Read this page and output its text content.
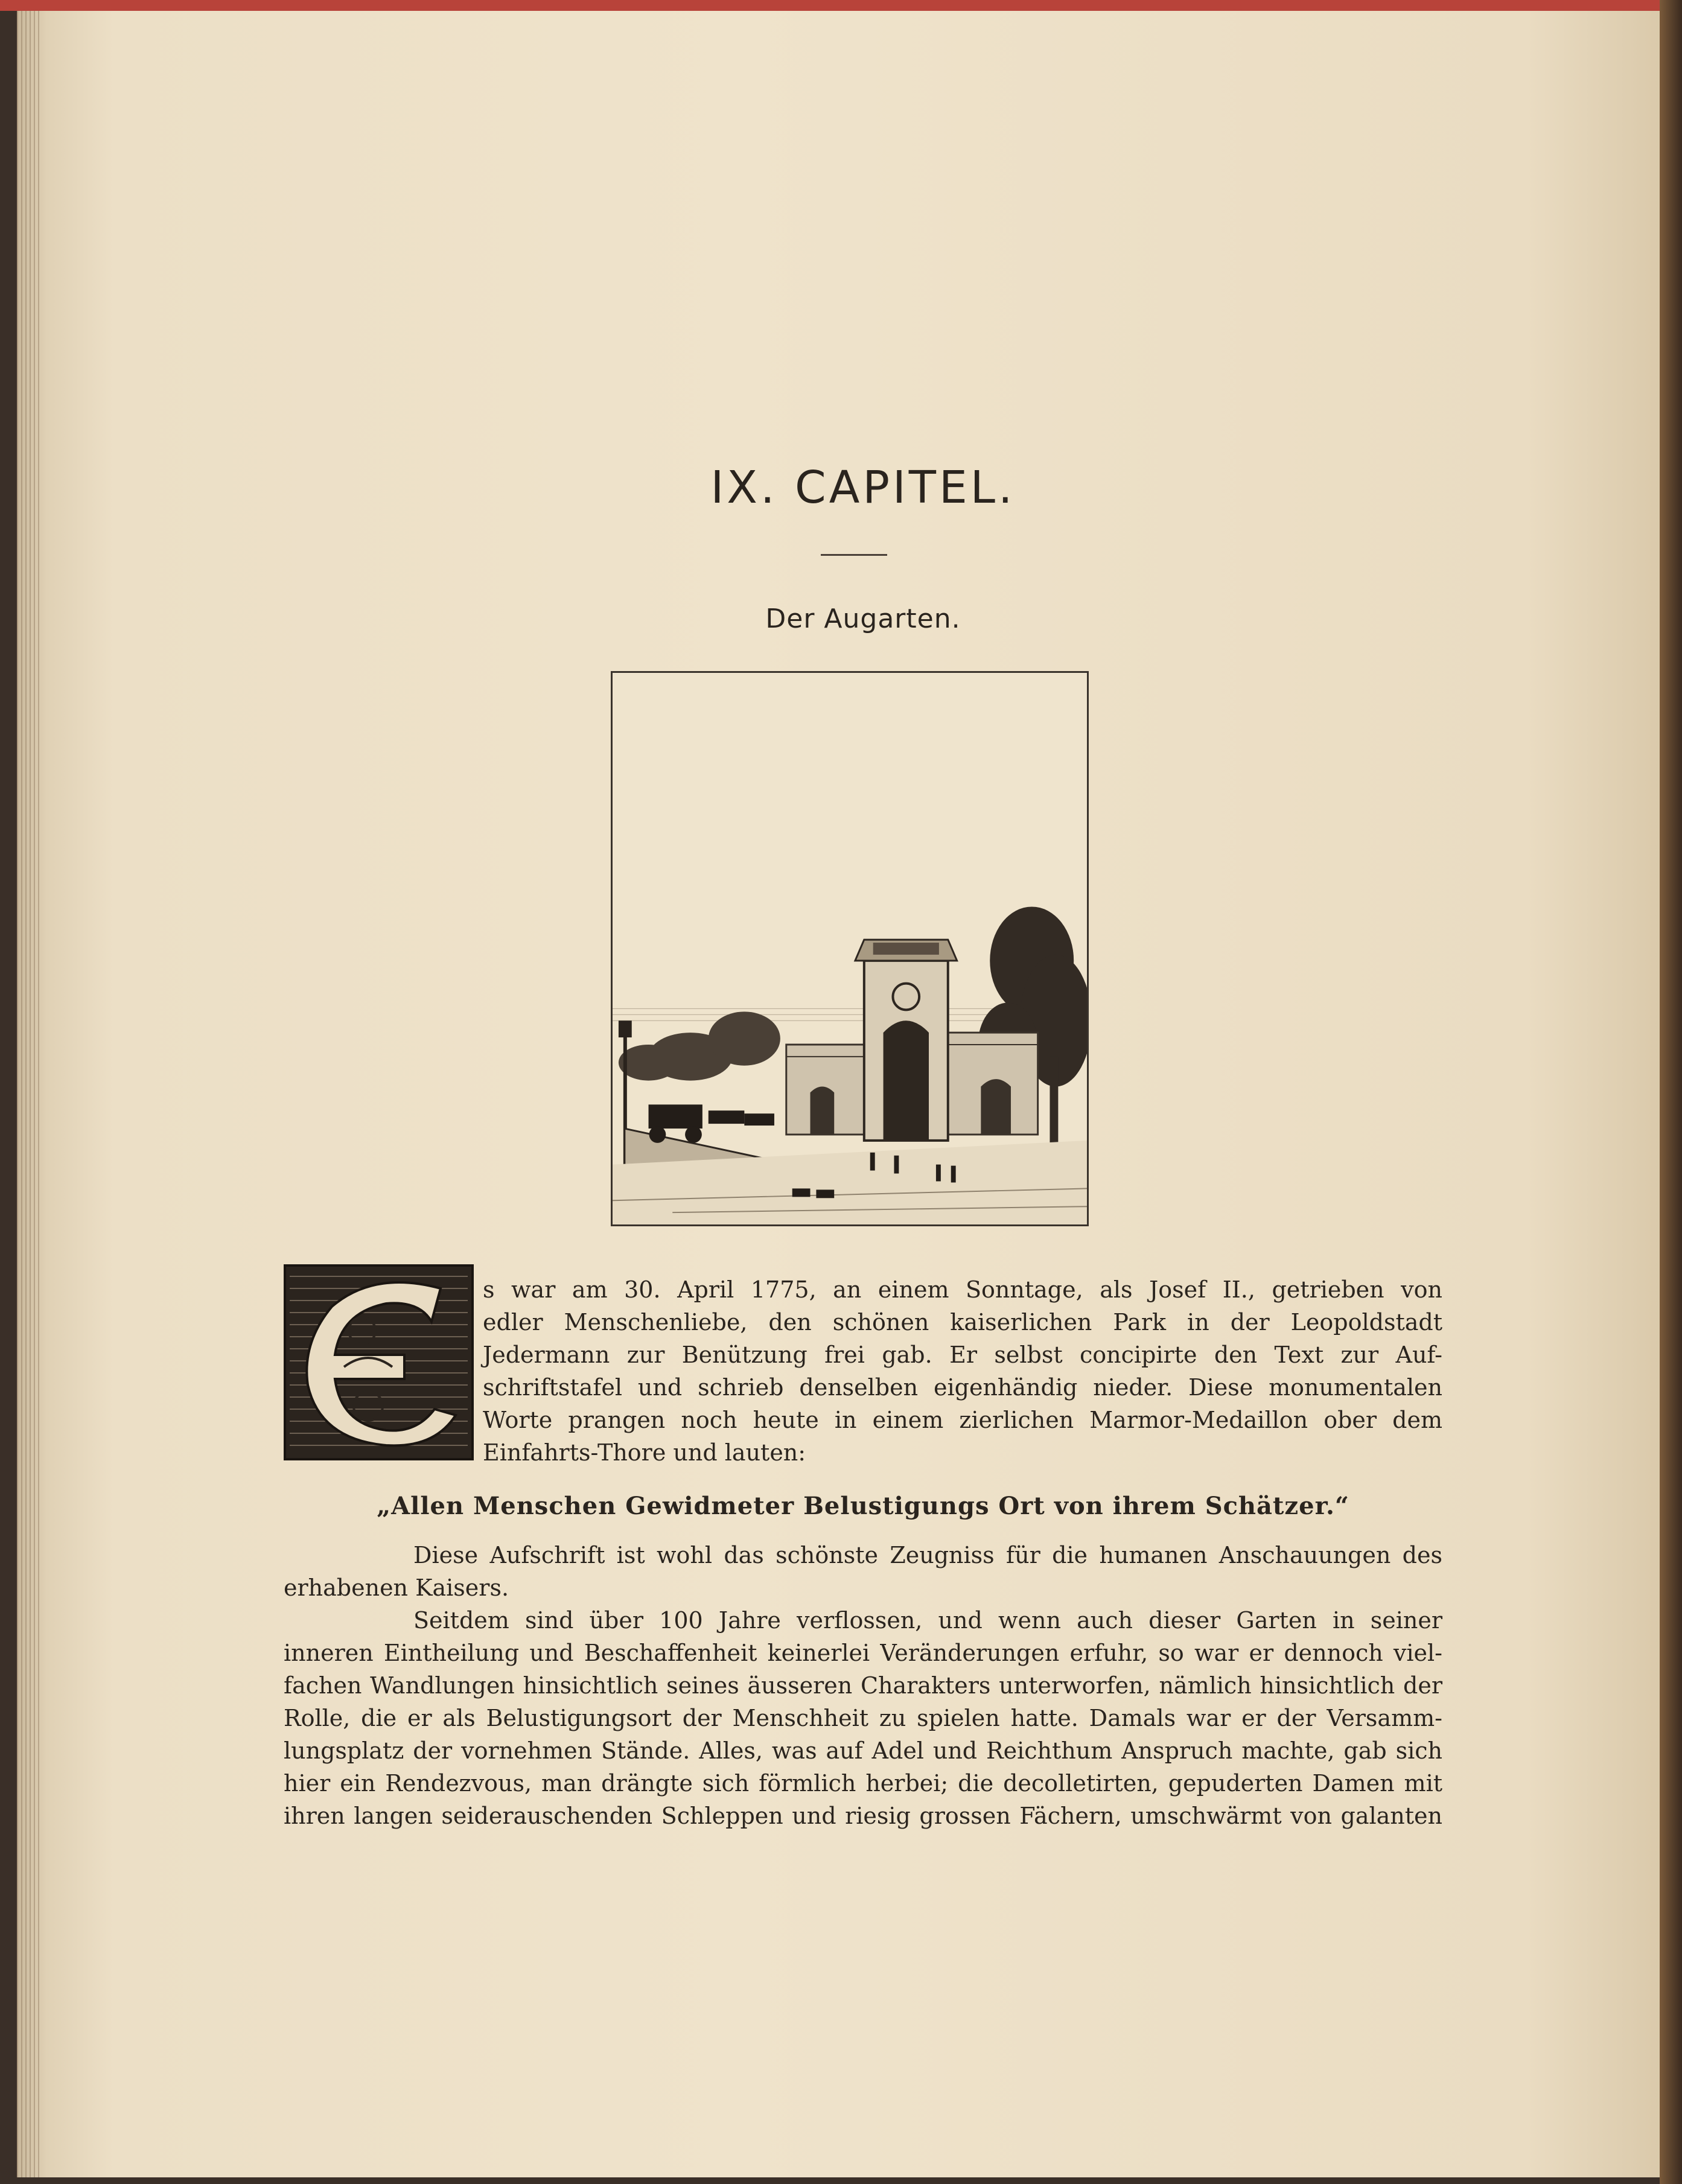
IX. CAPITEL.
Der Augarten.
s war am 30. April 1775, an einem Sonntage, als Josef II., getrieben von
edler Menschenliebe, den schönen kaiserlichen Park in der Leopoldstadt
Jedermann zur Benützung frei gab. Er selbst concipirte den Text zur Auf-
schriftstafel und schrieb denselben eigenhändig nieder. Diese monumentalen
Worte prangen noch heute in einem zierlichen Marmor-Medaillon ober dem
Einfahrts-Thore und lauten:
„Allen Menschen Gewidmeter Belustigungs Ort von ihrem Schätzer.“
Diese Aufschrift ist wohl das schönste Zeugniss für die humanen Anschauungen des
erhabenen Kaisers.
Seitdem sind über 100 Jahre verflossen, und wenn auch dieser Garten in seiner
inneren Eintheilung und Beschaffenheit keinerlei Veränderungen erfuhr, so war er dennoch viel-
fachen Wandlungen hinsichtlich seines äusseren Charakters unterworfen, nämlich hinsichtlich der
Rolle, die er als Belustigungsort der Menschheit zu spielen hatte. Damals war er der Versamm-
lungsplatz der vornehmen Stände. Alles, was auf Adel und Reichthum Anspruch machte, gab sich
hier ein Rendezvous, man drängte sich förmlich herbei; die decolletirten, gepuderten Damen mit
ihren langen seiderauschenden Schleppen und riesig grossen Fächern, umschwärmt von galanten
